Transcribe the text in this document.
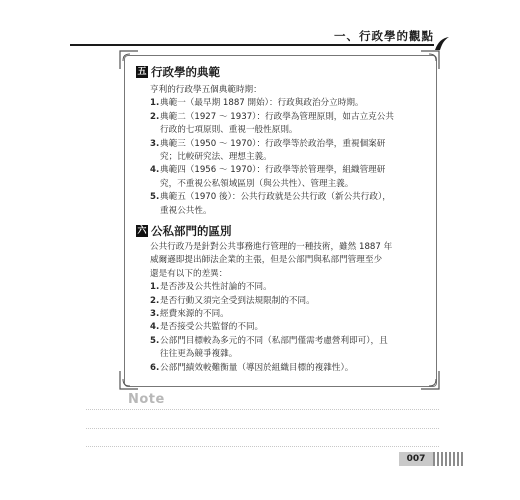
一、行政學的觀點
五 行政學的典範

亨利的行政學五個典範時期：

1. 典範一（最早期 1887 開始）：行政與政治分立時期。
2. 典範二（1927 ～ 1937）：行政學為管理原則，如古立克公共
行政的七項原則、重視一般性原則。
3. 典範三（1950 ～ 1970）：行政學等於政治學，重視個案研
究；比較研究法、理想主義。
4. 典範四（1956 ～ 1970）：行政學等於管理學，組織管理研
究，不重視公私領域區別（與公共性）、管理主義。
5. 典範五（1970 後）：公共行政就是公共行政（新公共行政），
重視公共性。
六 公私部門的區別

公共行政乃是針對公共事務進行管理的一種技術，雖然 1887 年

威爾遜即提出師法企業的主張，但是公部門與私部門管理至少

還是有以下的差異：

1. 是否涉及公共性討論的不同。
2. 是否行動又須完全受到法規限制的不同。
3. 經費來源的不同。
4. 是否接受公共監督的不同。
5. 公部門目標較為多元的不同（私部門僅需考慮營利即可），且
往往更為競爭複雜。
6. 公部門績效較難衡量（導因於組織目標的複雜性）。
Note
007
